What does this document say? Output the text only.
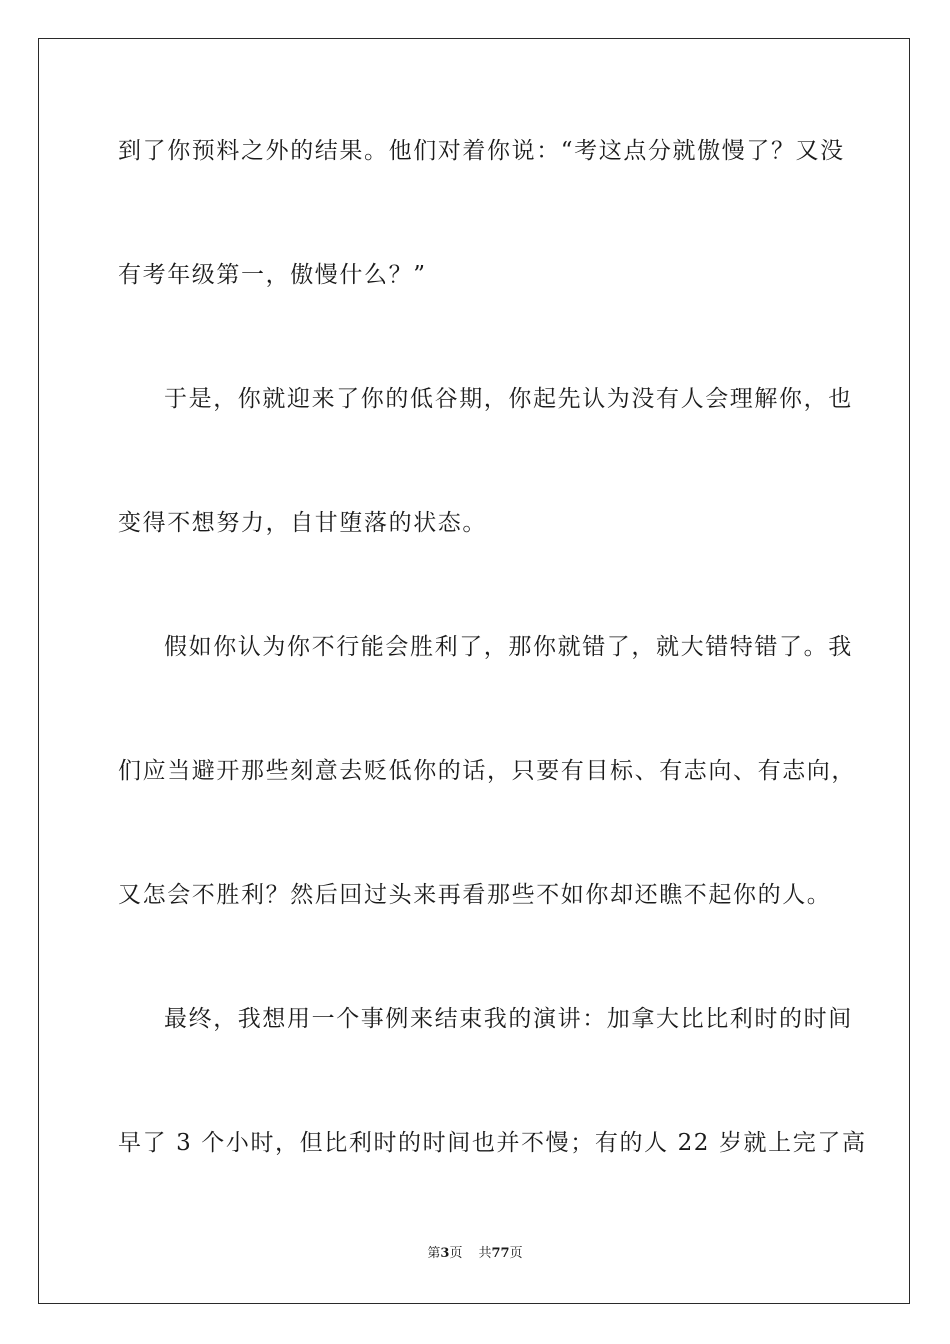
到了你预料之外的结果。他们对着你说：“考这点分就傲慢了？又没
有考年级第一，傲慢什么？”
于是，你就迎来了你的低谷期，你起先认为没有人会理解你，也
变得不想努力，自甘堕落的状态。
假如你认为你不行能会胜利了，那你就错了，就大错特错了。我
们应当避开那些刻意去贬低你的话，只要有目标、有志向、有志向，
又怎会不胜利？然后回过头来再看那些不如你却还瞧不起你的人。
最终，我想用一个事例来结束我的演讲：加拿大比比利时的时间
早了 3 个小时，但比利时的时间也并不慢；有的人 22 岁就上完了高
第3页 共77页
